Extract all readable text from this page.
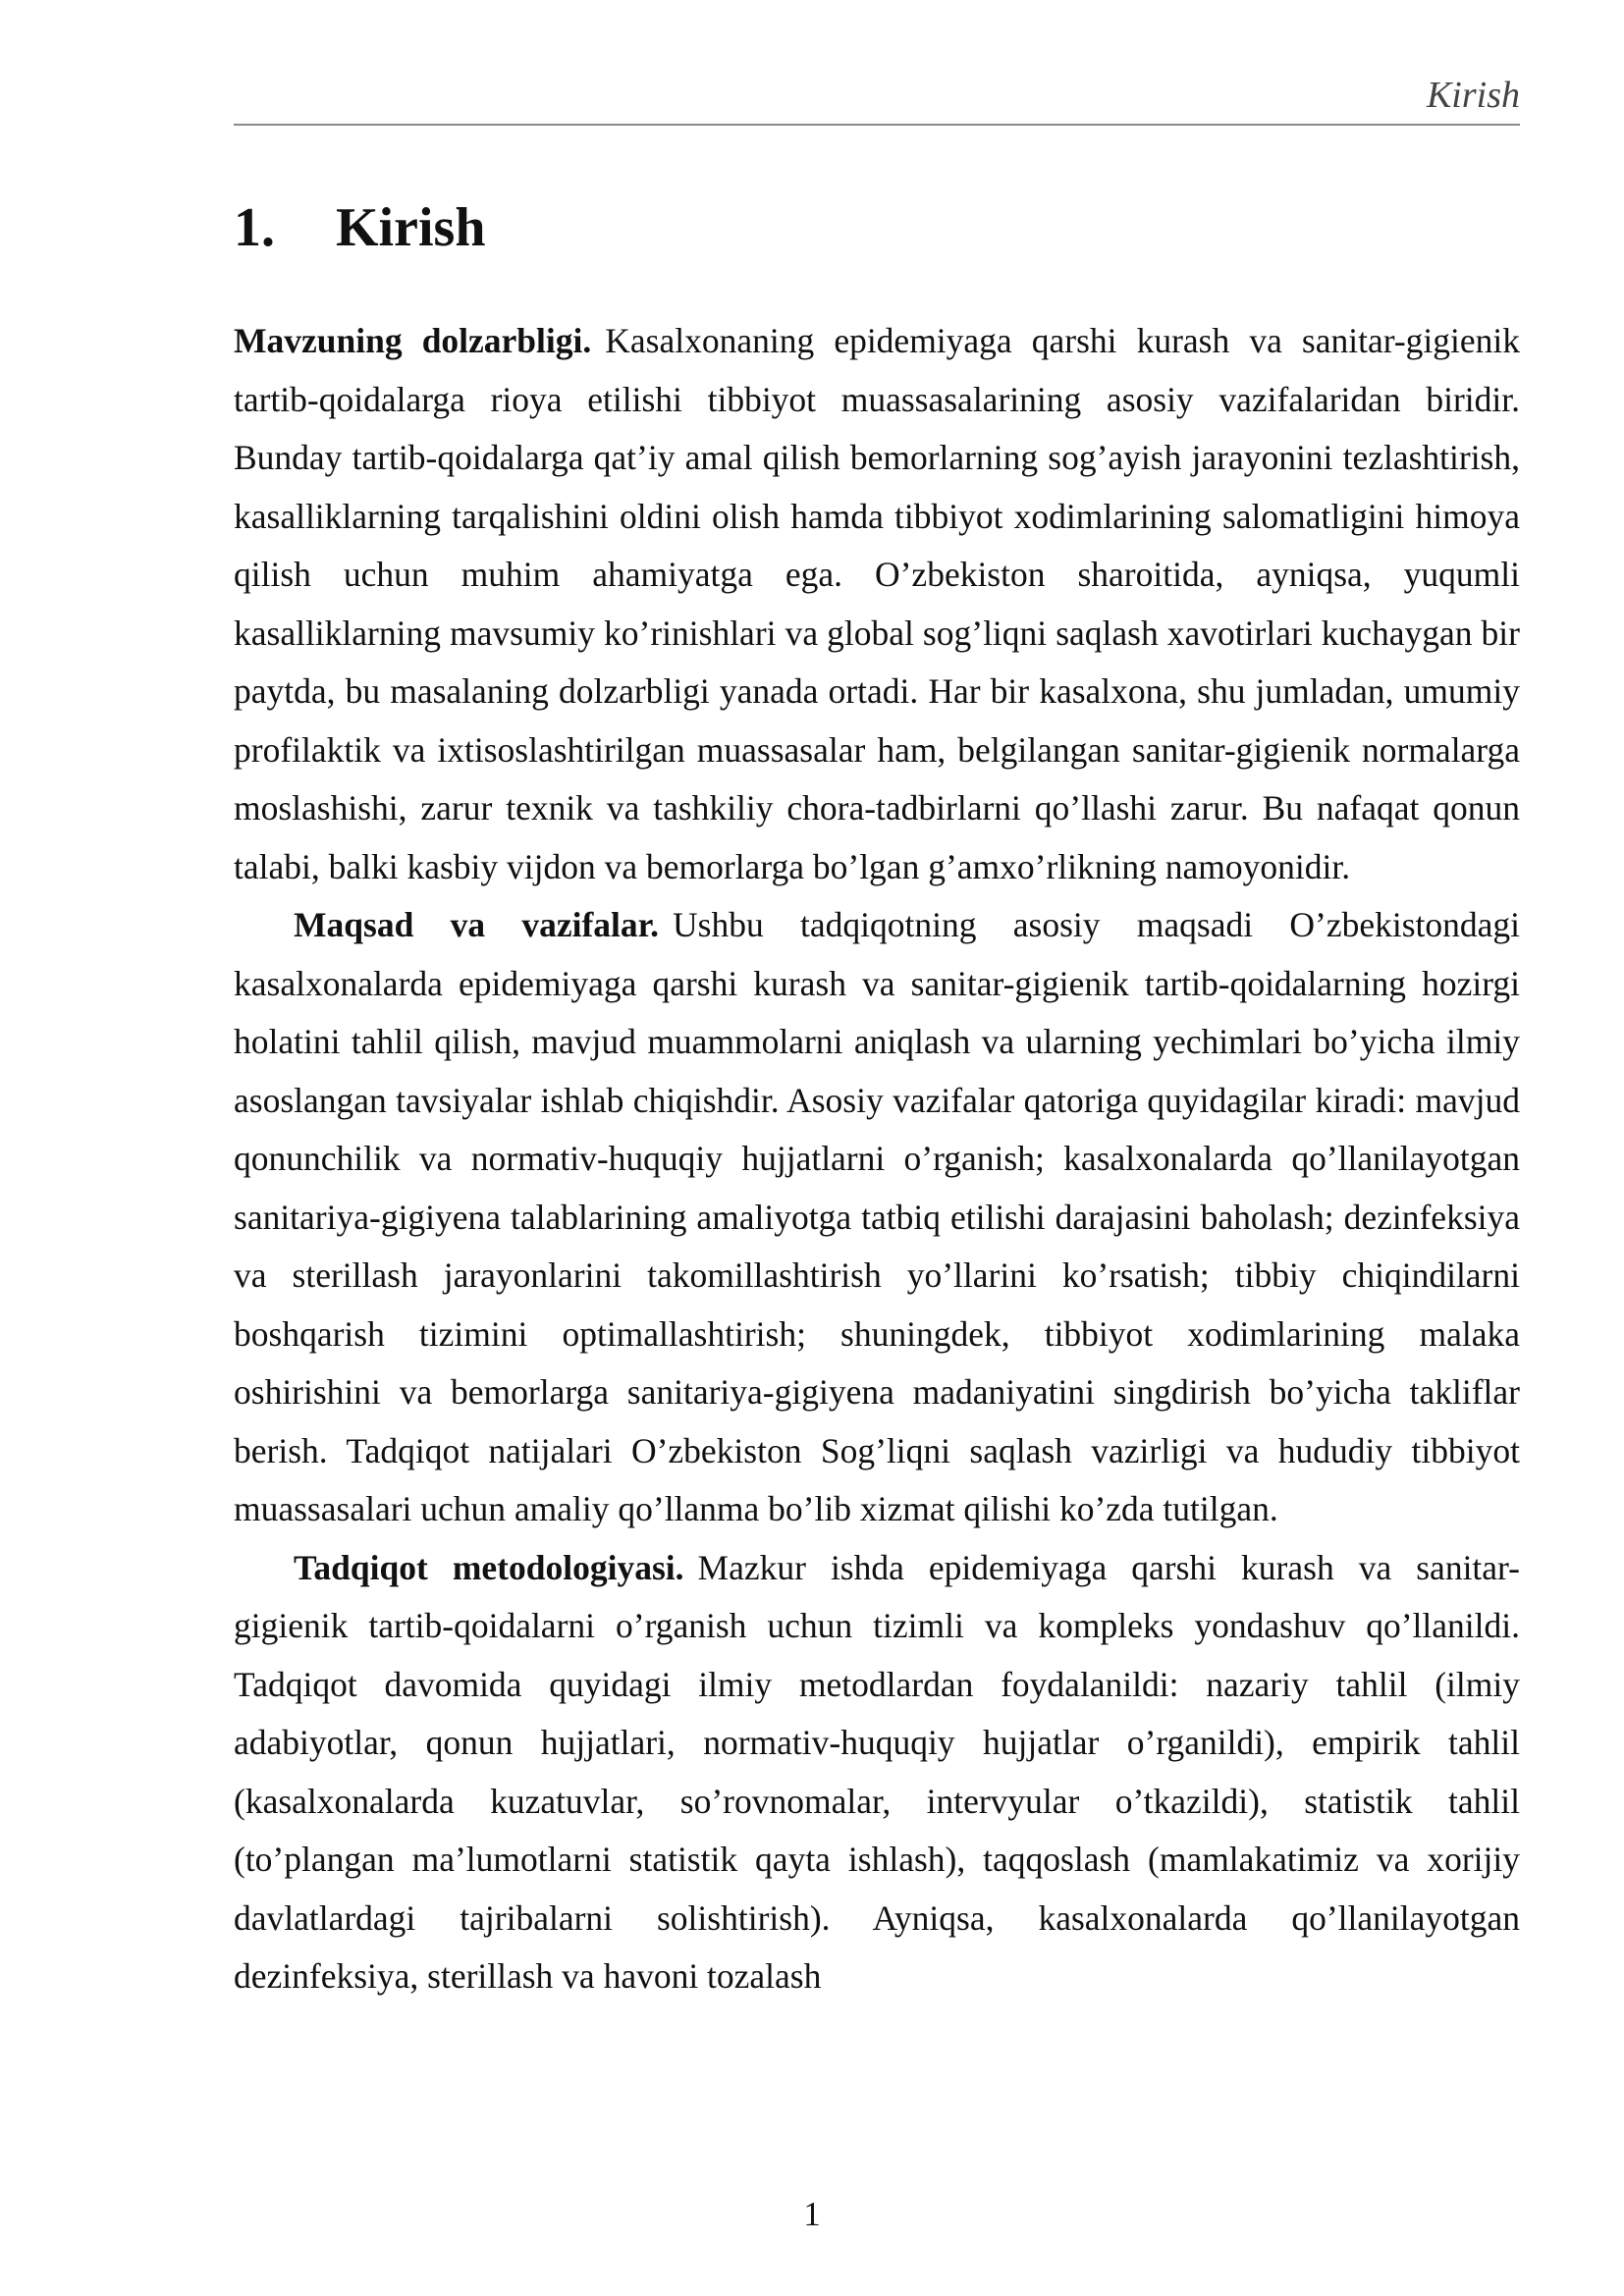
Kirish
1. Kirish

Mavzuning dolzarbligi. Kasalxonaning epidemiyaga qarshi kurash va sanitar-gigienik tartib-qoidalarga rioya etilishi tibbiyot muassasalarining asosiy vazifalaridan biridir. Bunday tartib-qoidalarga qat’iy amal qilish bemorlarning sog’ayish jarayonini tezlashtirish, kasalliklarning tarqalishini oldini olish hamda tibbiyot xodimlarining salomatligini himoya qilish uchun muhim ahamiyatga ega. O’zbekiston sharoitida, ayniqsa, yuqumli kasalliklarning mavsumiy ko’rinishlari va global sog’liqni saqlash xavotirlari kuchaygan bir paytda, bu masalaning dolzarbligi yanada ortadi. Har bir kasalxona, shu jumladan, umumiy profilaktik va ixtisoslashtirilgan muassasalar ham, belgilangan sanitar-gigienik normalarga moslashishi, zarur texnik va tashkiliy chora-tadbirlarni qo’llashi zarur. Bu nafaqat qonun talabi, balki kasbiy vijdon va bemorlarga bo’lgan g’amxo’rlikning namoyonidir.

Maqsad va vazifalar. Ushbu tadqiqotning asosiy maqsadi O’zbekistondagi kasalxonalarda epidemiyaga qarshi kurash va sanitar-gigienik tartib-qoidalarning hozirgi holatini tahlil qilish, mavjud muammolarni aniqlash va ularning yechimlari bo’yicha ilmiy asoslangan tavsiyalar ishlab chiqishdir. Asosiy vazifalar qatoriga quyidagilar kiradi: mavjud qonunchilik va normativ-huquqiy hujjatlarni o’rganish; kasalxonalarda qo’llanilayotgan sanitariya-gigiyena talablarining amaliyotga tatbiq etilishi darajasini baholash; dezinfeksiya va sterillash jarayonlarini takomillashtirish yo’llarini ko’rsatish; tibbiy chiqindilarni boshqarish tizimini optimallashtirish; shuningdek, tibbiyot xodimlarining malaka oshirishini va bemorlarga sanitariya-gigiyena madaniyatini singdirish bo’yicha takliflar berish. Tadqiqot natijalari O’zbekiston Sog’liqni saqlash vazirligi va hududiy tibbiyot muassasalari uchun amaliy qo’llanma bo’lib xizmat qilishi ko’zda tutilgan.

Tadqiqot metodologiyasi. Mazkur ishda epidemiyaga qarshi kurash va sanitar-gigienik tartib-qoidalarni o’rganish uchun tizimli va kompleks yondashuv qo’llanildi. Tadqiqot davomida quyidagi ilmiy metodlardan foydalanildi: nazariy tahlil (ilmiy adabiyotlar, qonun hujjatlari, normativ-huquqiy hujjatlar o’rganildi), empirik tahlil (kasalxonalarda kuzatuvlar, so’rovnomalar, intervyular o’tkazildi), statistik tahlil (to’plangan ma’lumotlarni statistik qayta ishlash), taqqoslash (mamlakatimiz va xorijiy davlatlardagi tajribalarni solishtirish). Ayniqsa, kasalxonalarda qo’llanilayotgan dezinfeksiya, sterillash va havoni tozalash

1
